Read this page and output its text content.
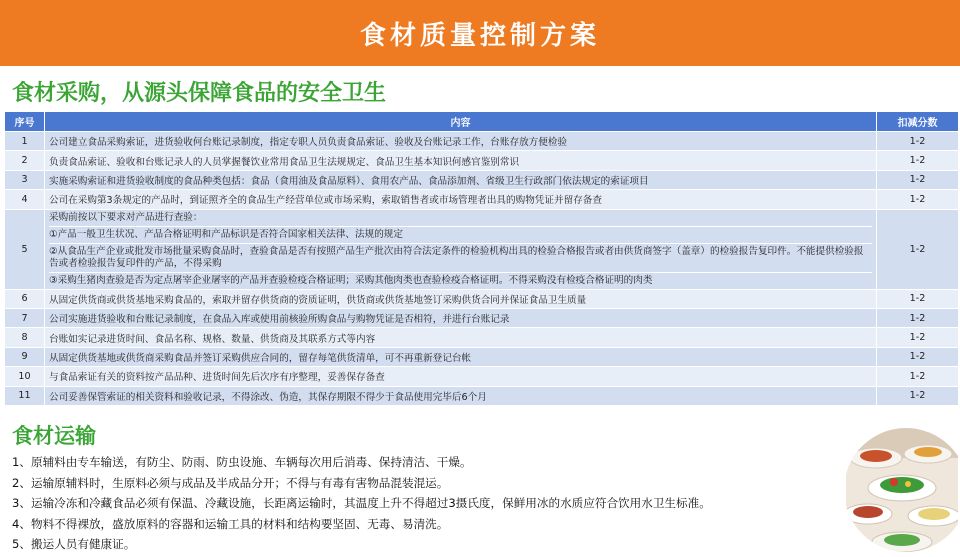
食材质量控制方案
食材采购，从源头保障食品的安全卫生
序号	内容	扣减分数
1	公司建立食品采购索证，进货验收何台账记录制度，指定专职人员负责食品索证、验收及台账记录工作，台账存放方便检验	1-2
2	负责食品索证、验收和台账记录人的人员掌握餐饮业常用食品卫生法规规定、食品卫生基本知识何感官鉴别常识	1-2
3	实施采购索证和进货验收制度的食品种类包括：食品（食用油及食品原料）、食用农产品、食品添加剂、省级卫生行政部门依法规定的索证项目	1-2
4	公司在采购第3条规定的产品时，到证照齐全的食品生产经营单位或市场采购，索取销售者或市场管理者出具的购物凭证并留存备查	1-2
5	采购前按以下要求对产品进行查验：
①产品一般卫生状况、产品合格证明和产品标识是否符合国家相关法律、法规的规定
②从食品生产企业或批发市场批量采购食品时，查验食品是否有按照产品生产批次由符合法定条件的检验机构出具的检验合格报告或者由供货商签字（盖章）的检验报告复印件。不能提供检验报告或者检验报告复印件的产品，不得采购
③采购生猪肉查验是否为定点屠宰企业屠宰的产品并查验检疫合格证明；采购其他肉类也查验检疫合格证明。不得采购没有检疫合格证明的肉类	1-2
6	从固定供货商或供货基地采购食品的，索取并留存供货商的资质证明，供货商或供货基地签订采购供货合同并保证食品卫生质量	1-2
7	公司实施进货验收和台账记录制度，在食品入库或使用前核验所购食品与购物凭证是否相符，并进行台账记录	1-2
8	台账如实记录进货时间、食品名称、规格、数量、供货商及其联系方式等内容	1-2
9	从固定供货基地或供货商采购食品并签订采购供应合同的，留存每笔供货清单，可不再重新登记台帐	1-2
10	与食品索证有关的资料按产品品种、进货时间先后次序有序整理，妥善保存备查	1-2
11	公司妥善保管索证的相关资料和验收记录，不得涂改、伪造，其保存期限不得少于食品使用完毕后6个月	1-2
食材运输
1、原辅料由专车输送，有防尘、防雨、防虫设施、车辆每次用后消毒、保持清洁、干燥。
2、运输原辅料时，生原料必须与成品及半成品分开；不得与有毒有害物品混装混运。
3、运输冷冻和冷藏食品必须有保温、冷藏设施，长距离运输时，其温度上升不得超过3摄氏度，保鲜用冰的水质应符合饮用水卫生标准。
4、物料不得裸放，盛放原料的容器和运输工具的材料和结构要坚固、无毒、易清洗。
5、搬运人员有健康证。
